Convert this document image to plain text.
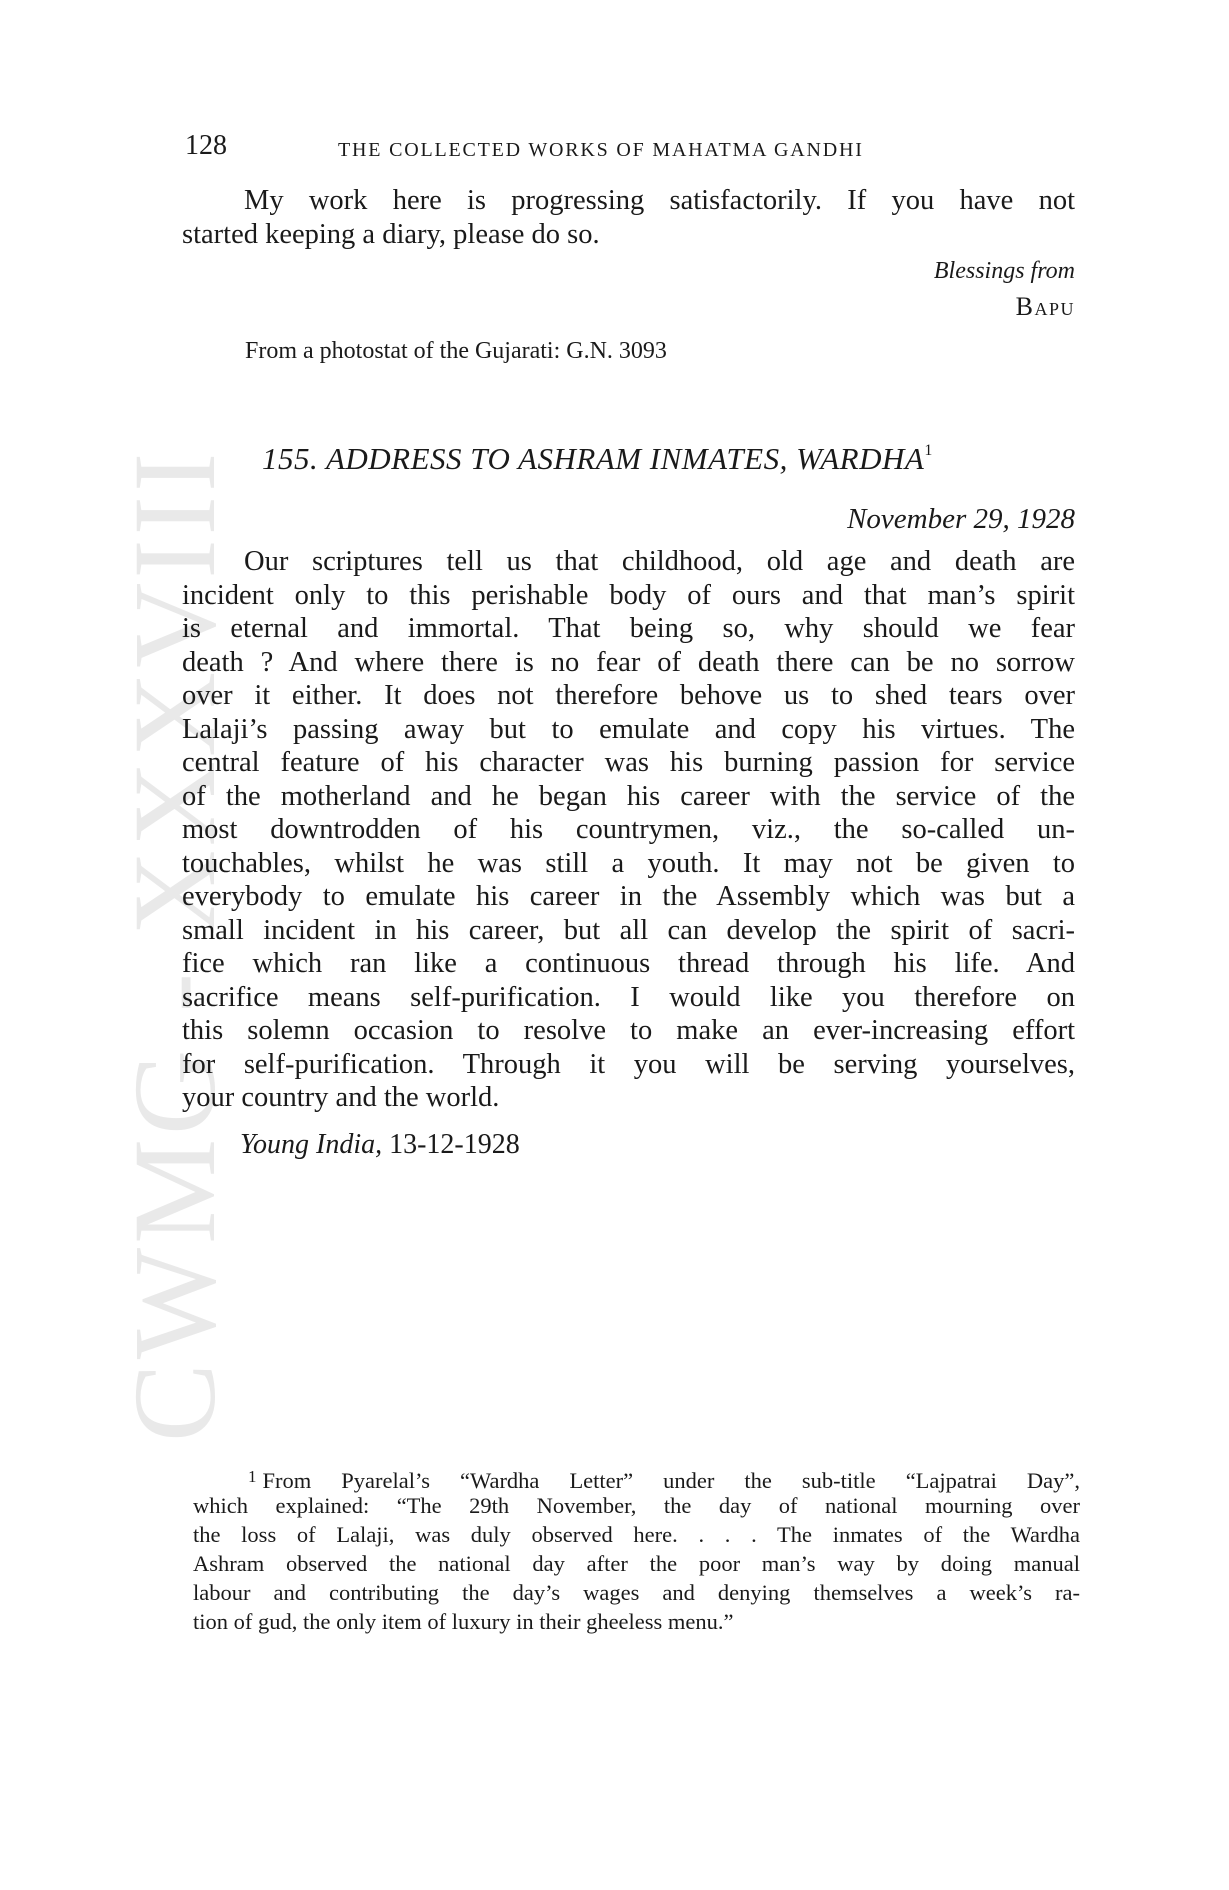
CWMG - XXXVIII
128	THE COLLECTED WORKS OF MAHATMA GANDHI
My work here is progressing satisfactorily. If you have not
started keeping a diary, please do so.
Blessings from
Bapu
From a photostat of the Gujarati: G.N. 3093
155. ADDRESS TO ASHRAM INMATES, WARDHA$^1$
November 29, 1928
Our scriptures tell us that childhood, old age and death are
incident only to this perishable body of ours and that man’s spirit
is eternal and immortal. That being so, why should we fear
death ? And where there is no fear of death there can be no sorrow
over it either. It does not therefore behove us to shed tears over
Lalaji’s passing away but to emulate and copy his virtues. The
central feature of his character was his burning passion for service
of the motherland and he began his career with the service of the
most downtrodden of his countrymen, viz., the so-called un-
touchables, whilst he was still a youth. It may not be given to
everybody to emulate his career in the Assembly which was but a
small incident in his career, but all can develop the spirit of sacri-
fice which ran like a continuous thread through his life. And
sacrifice means self-purification. I would like you therefore on
this solemn occasion to resolve to make an ever-increasing effort
for self-purification. Through it you will be serving yourselves,
your country and the world.
Young India, 13-12-1928
$^1$ From Pyarelal’s “Wardha Letter” under the sub-title “Lajpatrai Day”,
which explained: “The 29th November, the day of national mourning over
the loss of Lalaji, was duly observed here. . . . The inmates of the Wardha
Ashram observed the national day after the poor man’s way by doing manual
labour and contributing the day’s wages and denying themselves a week’s ra-
tion of gud, the only item of luxury in their gheeless menu.”
